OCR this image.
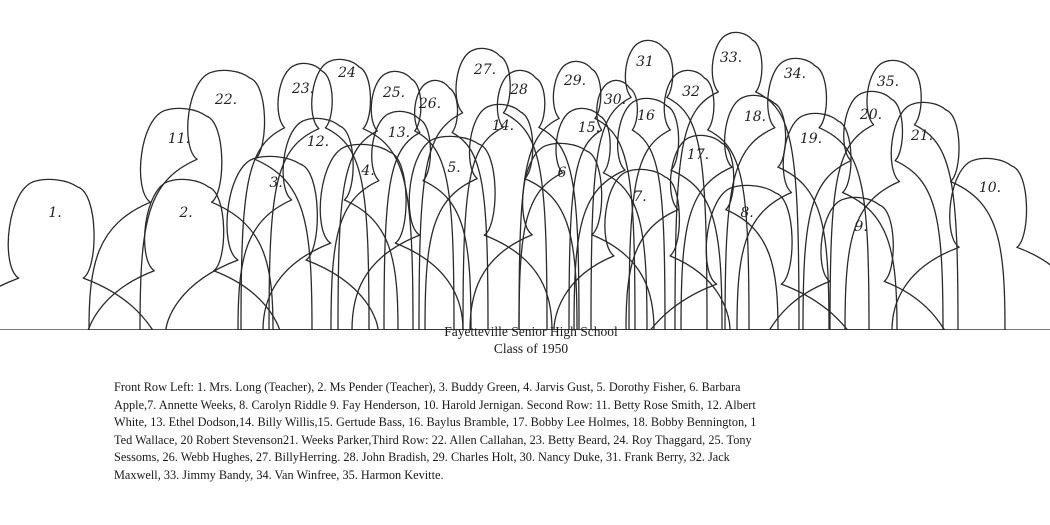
33.
31
35.
34.
27.
24	29.
30.	32
28
23.	25.
22.	26.
20.
16	18.
14.	15.	21.
13.
12.	19.
11.
17.
6
5.
4.
3.	10.
7.
8.
9.
2.
1.
Fayetteville Senior High School
Class of 1950
Front Row Left: 1. Mrs. Long (Teacher), 2. Ms Pender (Teacher), 3. Buddy Green, 4. Jarvis Gust, 5. Dorothy Fisher, 6. Barbara
Apple,7. Annette Weeks, 8. Carolyn Riddle 9. Fay Henderson, 10. Harold Jernigan. Second Row: 11. Betty Rose Smith, 12. Albert
White, 13. Ethel Dodson,14. Billy Willis,15. Gertude Bass, 16. Baylus Bramble, 17. Bobby Lee Holmes, 18. Bobby Bennington, 1
Ted Wallace, 20 Robert Stevenson21. Weeks Parker,Third Row: 22. Allen Callahan, 23. Betty Beard, 24. Roy Thaggard, 25. Tony
Sessoms, 26. Webb Hughes, 27. BillyHerring. 28. John Bradish, 29. Charles Holt, 30. Nancy Duke, 31. Frank Berry, 32. Jack
Maxwell, 33. Jimmy Bandy, 34. Van Winfree, 35. Harmon Kevitte.
